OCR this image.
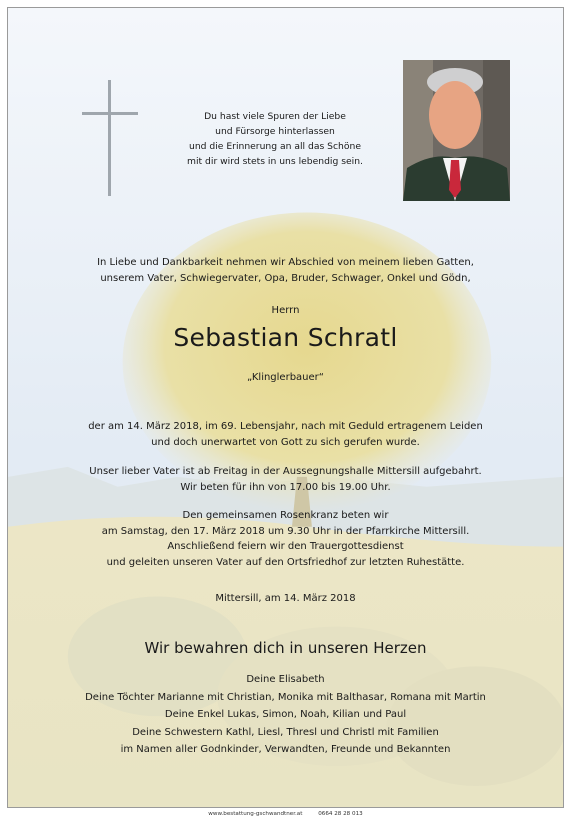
Du hast viele Spuren der Liebe
und Fürsorge hinterlassen
und die Erinnerung an all das Schöne
mit dir wird stets in uns lebendig sein.
In Liebe und Dankbarkeit nehmen wir Abschied von meinem lieben Gatten,
unserem Vater, Schwiegervater, Opa, Bruder, Schwager, Onkel und Gödn,
Herrn
Sebastian Schratl
„Klinglerbauer“
der am 14. März 2018, im 69. Lebensjahr, nach mit Geduld ertragenem Leiden
und doch unerwartet von Gott zu sich gerufen wurde.
Unser lieber Vater ist ab Freitag in der Aussegnungshalle Mittersill aufgebahrt.
Wir beten für ihn von 17.00 bis 19.00 Uhr.
Den gemeinsamen Rosenkranz beten wir
am Samstag, den 17. März 2018 um 9.30 Uhr in der Pfarrkirche Mittersill.
Anschließend feiern wir den Trauergottesdienst
und geleiten unseren Vater auf den Ortsfriedhof zur letzten Ruhestätte.
Mittersill, am 14. März 2018
Wir bewahren dich in unseren Herzen
Deine Elisabeth
Deine Töchter Marianne mit Christian, Monika mit Balthasar, Romana mit Martin
Deine Enkel Lukas, Simon, Noah, Kilian und Paul
Deine Schwestern Kathl, Liesl, Thresl und Christl mit Familien
im Namen aller Godnkinder, Verwandten, Freunde und Bekannten
www.bestattung-gschwandtner.at	0664 28 28 013
